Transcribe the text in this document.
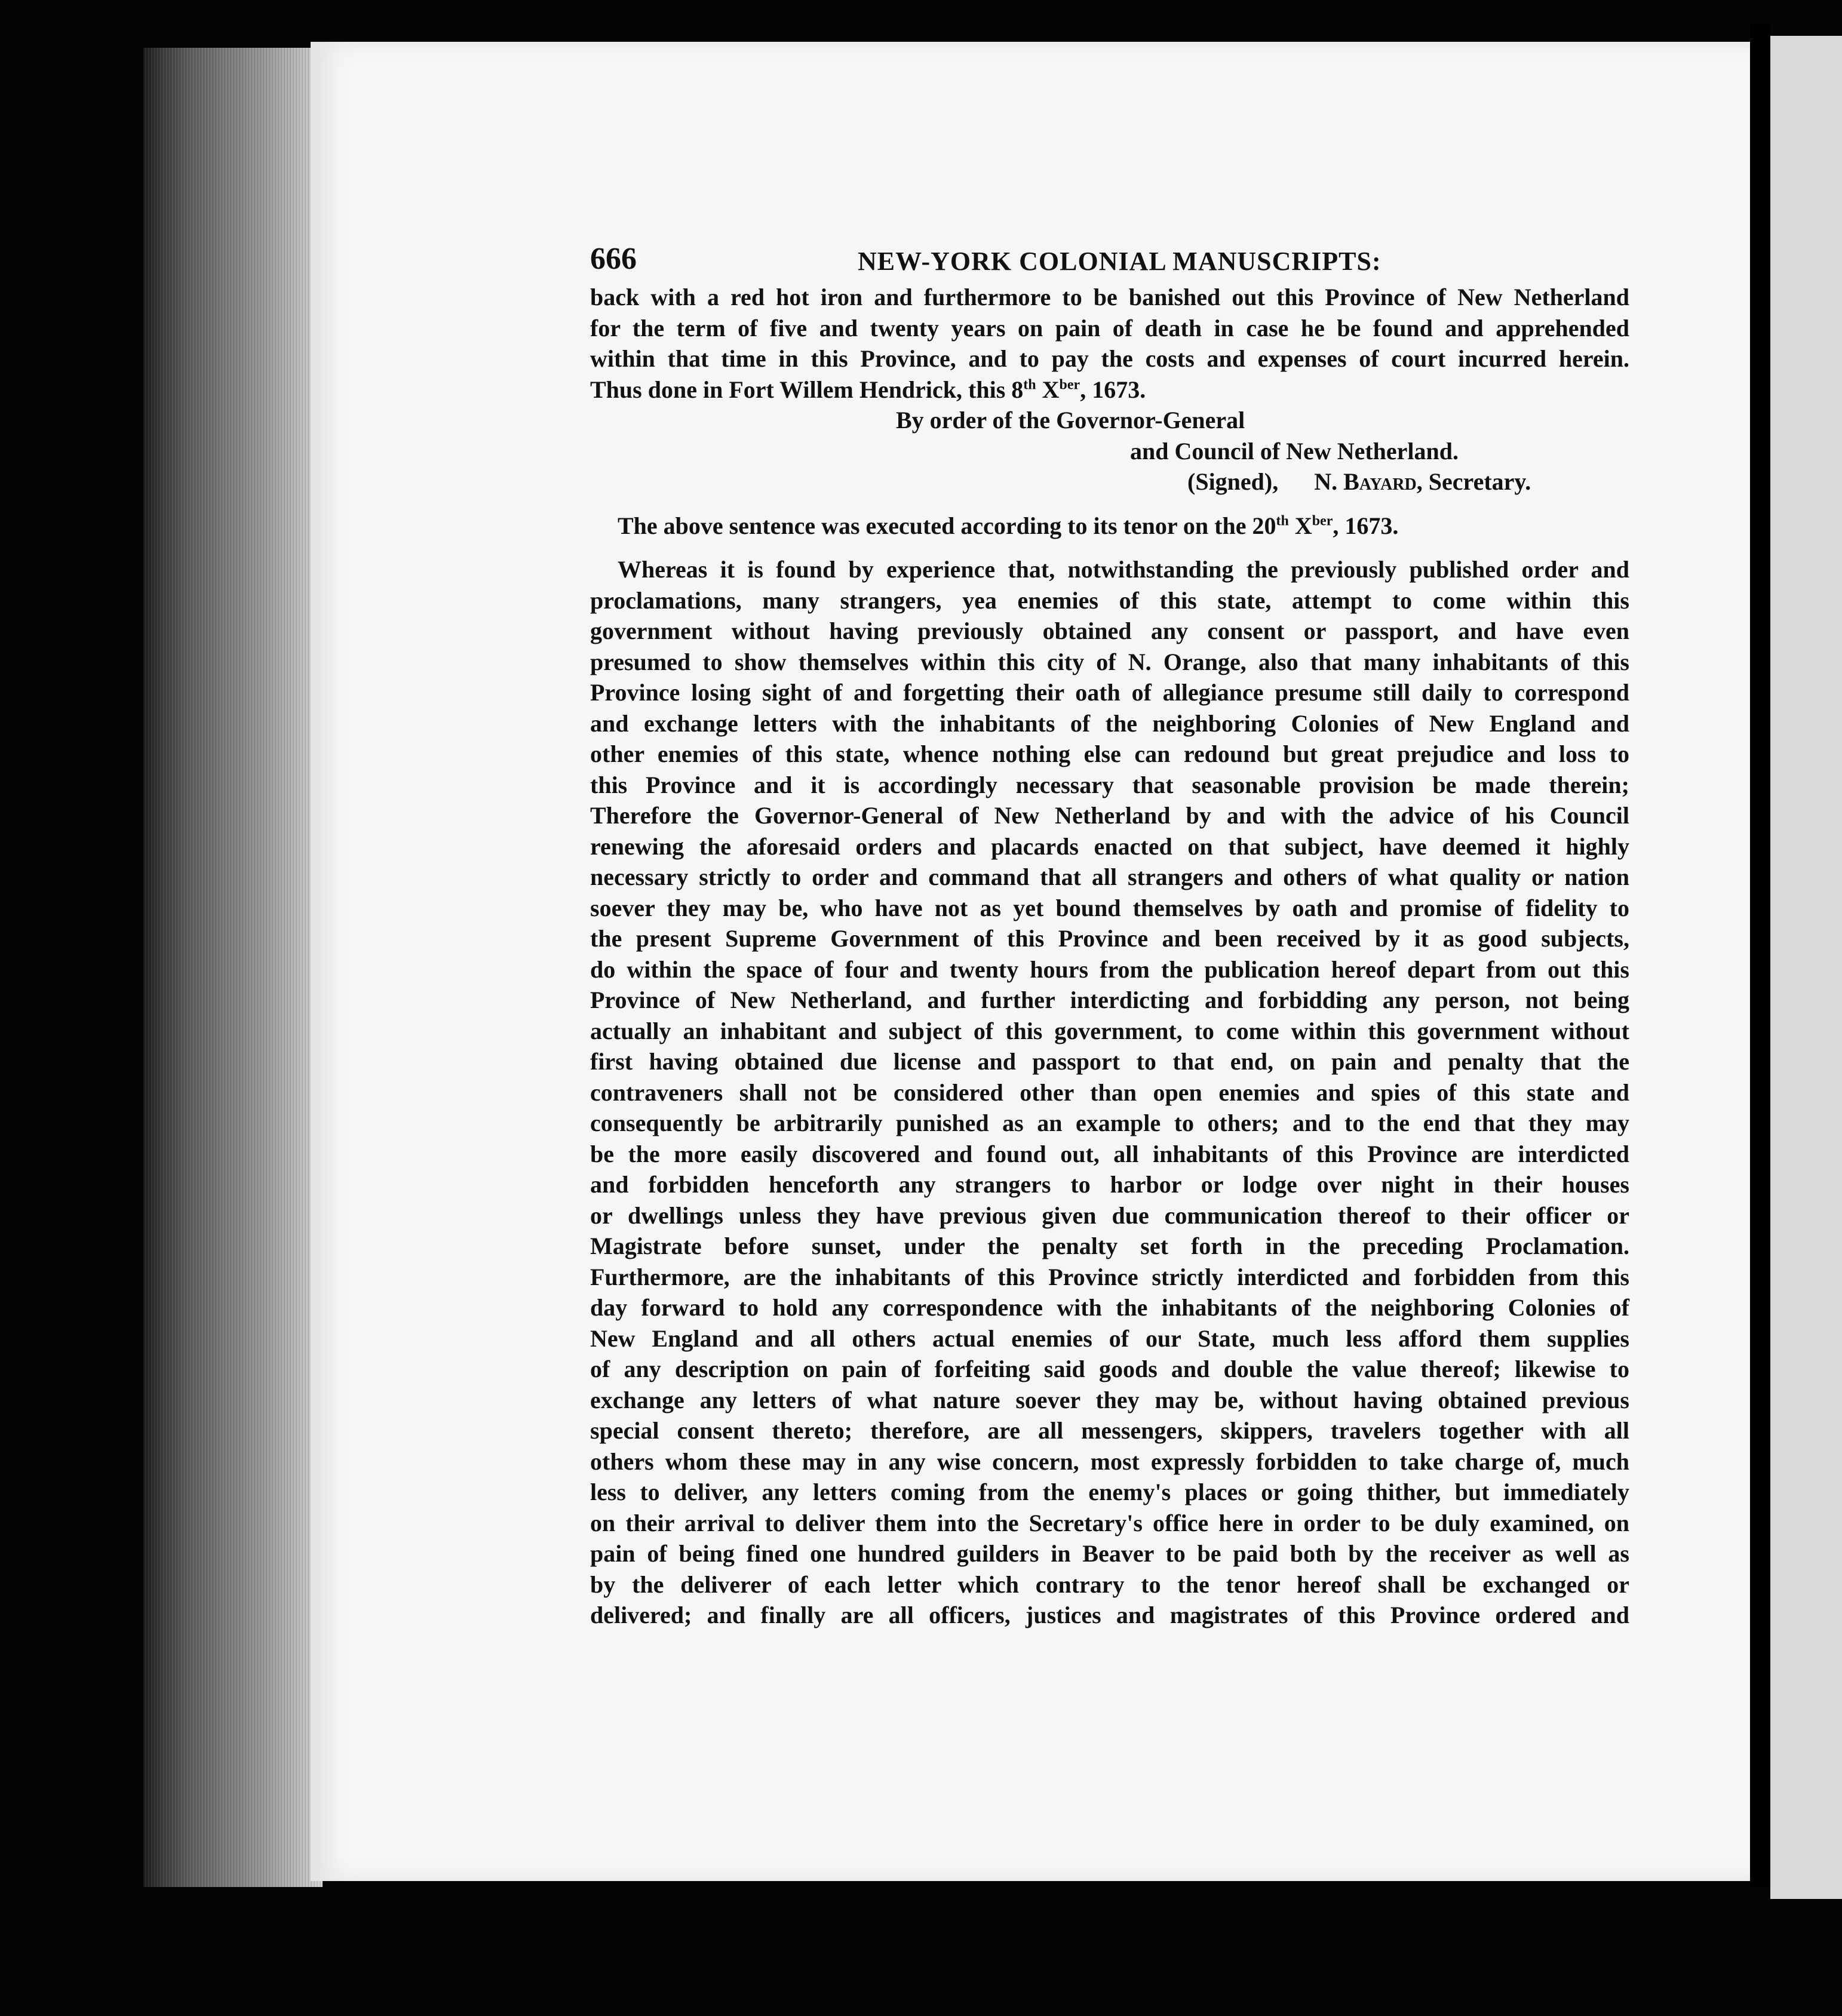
666	NEW-YORK COLONIAL MANUSCRIPTS:
back with a red hot iron and furthermore to be banished out this Province of New Netherland
for the term of five and twenty years on pain of death in case he be found and apprehended
within that time in this Province, and to pay the costs and expenses of court incurred herein.
Thus done in Fort Willem Hendrick, this 8th $X^{ber}$, 1673.
By order of the Governor-General
and Council of New Netherland.
(Signed), N. Bayard, Secretary.
The above sentence was executed according to its tenor on the 20th $X^{ber}$, 1673.
Whereas it is found by experience that, notwithstanding the previously published order and
proclamations, many strangers, yea enemies of this state, attempt to come within this
government without having previously obtained any consent or passport, and have even
presumed to show themselves within this city of N. Orange, also that many inhabitants of this
Province losing sight of and forgetting their oath of allegiance presume still daily to correspond
and exchange letters with the inhabitants of the neighboring Colonies of New England and
other enemies of this state, whence nothing else can redound but great prejudice and loss to
this Province and it is accordingly necessary that seasonable provision be made therein;
Therefore the Governor-General of New Netherland by and with the advice of his Council
renewing the aforesaid orders and placards enacted on that subject, have deemed it highly
necessary strictly to order and command that all strangers and others of what quality or nation
soever they may be, who have not as yet bound themselves by oath and promise of fidelity to
the present Supreme Government of this Province and been received by it as good subjects,
do within the space of four and twenty hours from the publication hereof depart from out this
Province of New Netherland, and further interdicting and forbidding any person, not being
actually an inhabitant and subject of this government, to come within this government without
first having obtained due license and passport to that end, on pain and penalty that the
contraveners shall not be considered other than open enemies and spies of this state and
consequently be arbitrarily punished as an example to others; and to the end that they may
be the more easily discovered and found out, all inhabitants of this Province are interdicted
and forbidden henceforth any strangers to harbor or lodge over night in their houses
or dwellings unless they have previous given due communication thereof to their officer or
Magistrate before sunset, under the penalty set forth in the preceding Proclamation.
Furthermore, are the inhabitants of this Province strictly interdicted and forbidden from this
day forward to hold any correspondence with the inhabitants of the neighboring Colonies of
New England and all others actual enemies of our State, much less afford them supplies
of any description on pain of forfeiting said goods and double the value thereof; likewise to
exchange any letters of what nature soever they may be, without having obtained previous
special consent thereto; therefore, are all messengers, skippers, travelers together with all
others whom these may in any wise concern, most expressly forbidden to take charge of, much
less to deliver, any letters coming from the enemy's places or going thither, but immediately
on their arrival to deliver them into the Secretary's office here in order to be duly examined, on
pain of being fined one hundred guilders in Beaver to be paid both by the receiver as well as
by the deliverer of each letter which contrary to the tenor hereof shall be exchanged or
delivered; and finally are all officers, justices and magistrates of this Province ordered and
